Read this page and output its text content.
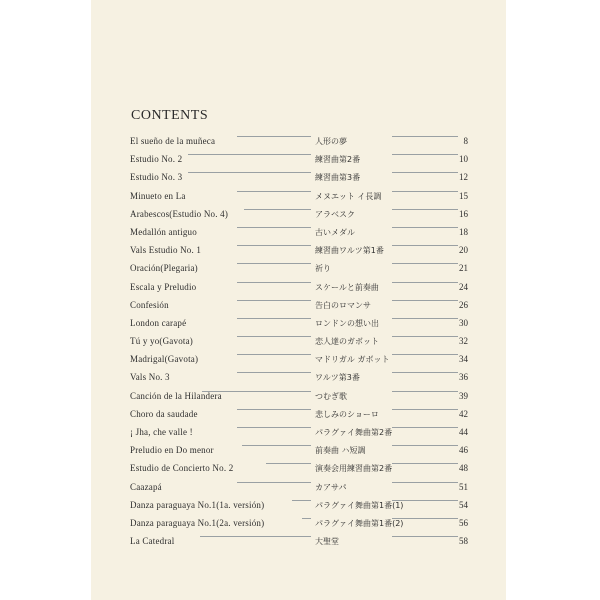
CONTENTS
El sueño de la muñeca	人形の夢	8
Estudio No. 2	練習曲第2番	10
Estudio No. 3	練習曲第3番	12
Minueto en La	メヌエット イ長調	15
Arabescos(Estudio No. 4)	アラベスク	16
Medallón antiguo	古いメダル	18
Vals Estudio No. 1	練習曲ワルツ第1番	20
Oración(Plegaria)	祈り	21
Escala y Preludio	スケールと前奏曲	24
Confesión	告白のロマンサ	26
London carapé	ロンドンの想い出	30
Tú y yo(Gavota)	恋人達のガボット	32
Madrigal(Gavota)	マドリガル ガボット	34
Vals No. 3	ワルツ第3番	36
Canción de la Hilandera	つむぎ歌	39
Choro da saudade	悲しみのショーロ	42
¡ Jha, che valle !	パラグァイ舞曲第2番	44
Preludio en Do menor	前奏曲 ハ短調	46
Estudio de Concierto No. 2	演奏会用練習曲第2番	48
Caazapá	カアサパ	51
Danza paraguaya No.1(1a. versión)	パラグァイ舞曲第1番(1)	54
Danza paraguaya No.1(2a. versión)	パラグァイ舞曲第1番(2)	56
La Catedral	大聖堂	58
